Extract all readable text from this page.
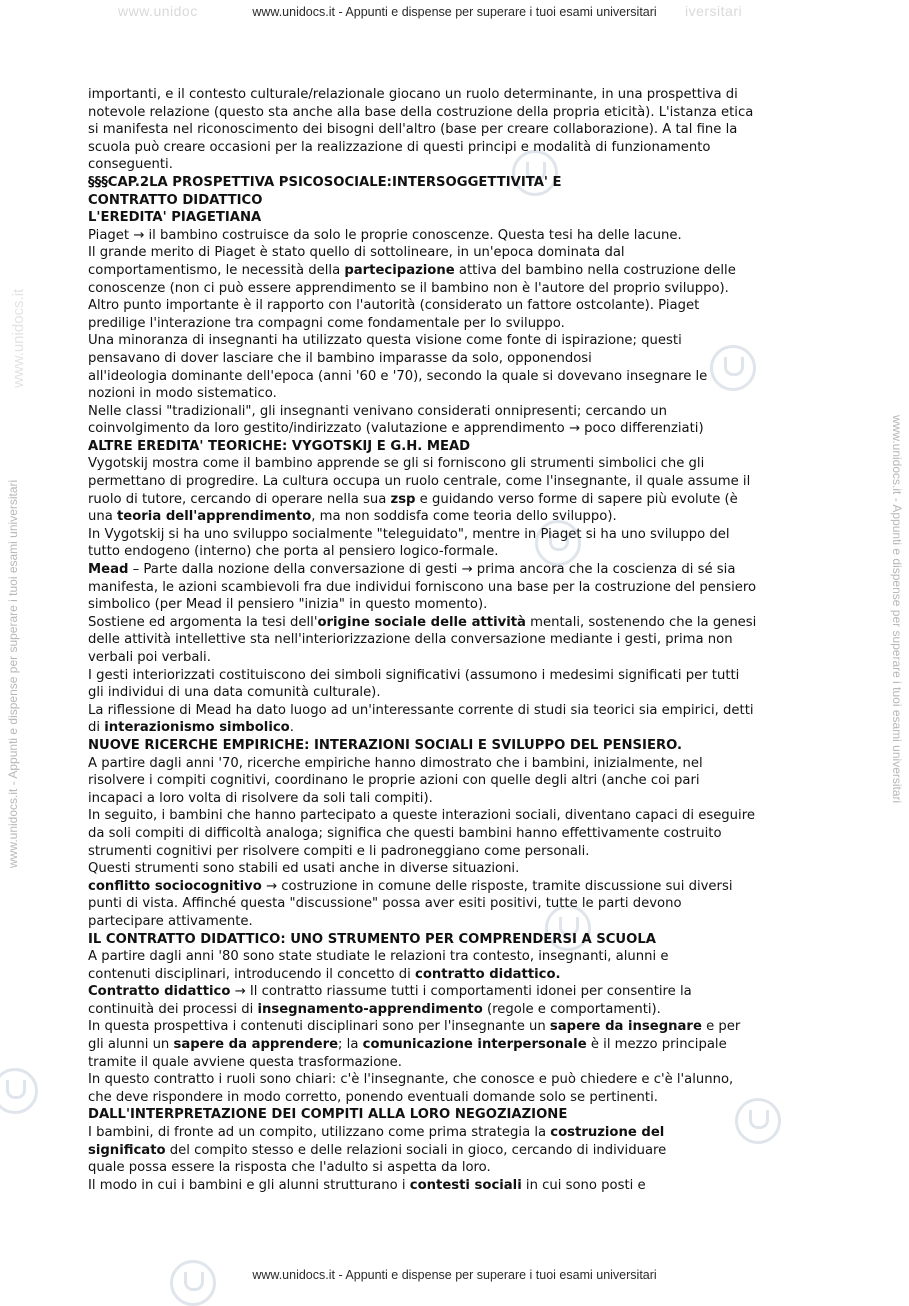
www.unidoc	www.unidocs.it - Appunti e dispense per superare i tuoi esami universitari iversitari
www.unidocs.it - Appunti e dispense per superare i tuoi esami universitari
www.unidocs.it
www.unidocs.it - Appunti e dispense per superare i tuoi esami universitari

importanti, e il contesto culturale/relazionale giocano un ruolo determinante, in una prospettiva di

notevole relazione (questo sta anche alla base della costruzione della propria eticità). L'istanza etica

si manifesta nel riconoscimento dei bisogni dell'altro (base per creare collaborazione). A tal fine la

scuola può creare occasioni per la realizzazione di questi principi e modalità di funzionamento

conseguenti.

§§§CAP.2LA PROSPETTIVA PSICOSOCIALE:INTERSOGGETTIVITA' E

CONTRATTO DIDATTICO

L'EREDITA' PIAGETIANA

Piaget → il bambino costruisce da solo le proprie conoscenze. Questa tesi ha delle lacune.

Il grande merito di Piaget è stato quello di sottolineare, in un'epoca dominata dal

comportamentismo, le necessità della partecipazione attiva del bambino nella costruzione delle

conoscenze (non ci può essere apprendimento se il bambino non è l'autore del proprio sviluppo).

Altro punto importante è il rapporto con l'autorità (considerato un fattore ostcolante). Piaget

predilige l'interazione tra compagni come fondamentale per lo sviluppo.

Una minoranza di insegnanti ha utilizzato questa visione come fonte di ispirazione; questi

pensavano di dover lasciare che il bambino imparasse da solo, opponendosi

all'ideologia dominante dell'epoca (anni '60 e '70), secondo la quale si dovevano insegnare le

nozioni in modo sistematico.

Nelle classi "tradizionali", gli insegnanti venivano considerati onnipresenti; cercando un

coinvolgimento da loro gestito/indirizzato (valutazione e apprendimento → poco differenziati)

ALTRE EREDITA' TEORICHE: VYGOTSKIJ E G.H. MEAD

Vygotskij mostra come il bambino apprende se gli si forniscono gli strumenti simbolici che gli

permettano di progredire. La cultura occupa un ruolo centrale, come l'insegnante, il quale assume il

ruolo di tutore, cercando di operare nella sua zsp e guidando verso forme di sapere più evolute (è

una teoria dell'apprendimento, ma non soddisfa come teoria dello sviluppo).

In Vygotskij si ha uno sviluppo socialmente "teleguidato", mentre in Piaget si ha uno sviluppo del

tutto endogeno (interno) che porta al pensiero logico-formale.

Mead – Parte dalla nozione della conversazione di gesti → prima ancora che la coscienza di sé sia

manifesta, le azioni scambievoli fra due individui forniscono una base per la costruzione del pensiero

simbolico (per Mead il pensiero "inizia" in questo momento).

Sostiene ed argomenta la tesi dell'origine sociale delle attività mentali, sostenendo che la genesi

delle attività intellettive sta nell'interiorizzazione della conversazione mediante i gesti, prima non

verbali poi verbali.

I gesti interiorizzati costituiscono dei simboli significativi (assumono i medesimi significati per tutti

gli individui di una data comunità culturale).

La riflessione di Mead ha dato luogo ad un'interessante corrente di studi sia teorici sia empirici, detti

di interazionismo simbolico.

NUOVE RICERCHE EMPIRICHE: INTERAZIONI SOCIALI E SVILUPPO DEL PENSIERO.

A partire dagli anni '70, ricerche empiriche hanno dimostrato che i bambini, inizialmente, nel

risolvere i compiti cognitivi, coordinano le proprie azioni con quelle degli altri (anche coi pari

incapaci a loro volta di risolvere da soli tali compiti).

In seguito, i bambini che hanno partecipato a queste interazioni sociali, diventano capaci di eseguire

da soli compiti di difficoltà analoga; significa che questi bambini hanno effettivamente costruito

strumenti cognitivi per risolvere compiti e li padroneggiano come personali.

Questi strumenti sono stabili ed usati anche in diverse situazioni.

conflitto sociocognitivo → costruzione in comune delle risposte, tramite discussione sui diversi

punti di vista. Affinché questa "discussione" possa aver esiti positivi, tutte le parti devono

partecipare attivamente.

IL CONTRATTO DIDATTICO: UNO STRUMENTO PER COMPRENDERSI A SCUOLA

A partire dagli anni '80 sono state studiate le relazioni tra contesto, insegnanti, alunni e

contenuti disciplinari, introducendo il concetto di contratto didattico.

Contratto didattico → Il contratto riassume tutti i comportamenti idonei per consentire la

continuità dei processi di insegnamento-apprendimento (regole e comportamenti).

In questa prospettiva i contenuti disciplinari sono per l'insegnante un sapere da insegnare e per

gli alunni un sapere da apprendere; la comunicazione interpersonale è il mezzo principale

tramite il quale avviene questa trasformazione.

In questo contratto i ruoli sono chiari: c'è l'insegnante, che conosce e può chiedere e c'è l'alunno,

che deve rispondere in modo corretto, ponendo eventuali domande solo se pertinenti.

DALL'INTERPRETAZIONE DEI COMPITI ALLA LORO NEGOZIAZIONE

I bambini, di fronte ad un compito, utilizzano come prima strategia la costruzione del

significato del compito stesso e delle relazioni sociali in gioco, cercando di individuare

quale possa essere la risposta che l'adulto si aspetta da loro.

Il modo in cui i bambini e gli alunni strutturano i contesti sociali in cui sono posti e

www.unidocs.it - Appunti e dispense per superare i tuoi esami universitari
